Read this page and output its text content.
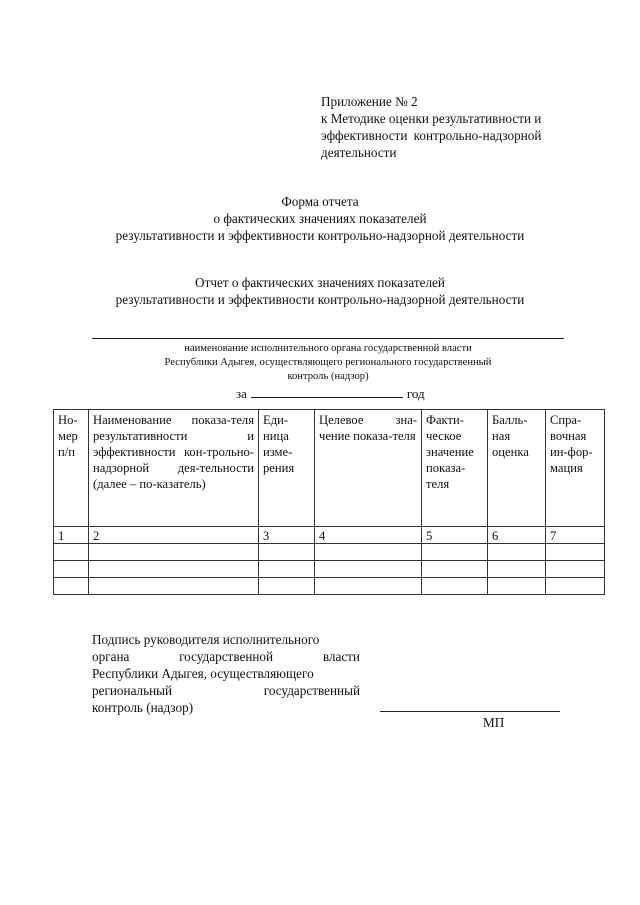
Приложение № 2
к Методике оценки результативности и
эффективности контрольно-надзорной
деятельности
Форма отчета
о фактических значениях показателей
результативности и эффективности контрольно-надзорной деятельности
Отчет о фактических значениях показателей
результативности и эффективности контрольно-надзорной деятельности
наименование исполнительного органа государственной власти
Республики Адыгея, осуществляющего регионального государственный
контроль (надзор)
за	год
Но-мер п/п	Наименование показа-теля результативности и эффективности кон-трольно-надзорной дея-тельности (далее – по-казатель)	Еди-ница изме-рения	Целевое зна-чение показа-теля	Факти-ческое значение показа-теля	Балль-ная оценка	Спра-вочная ин-фор-мация
1	2	3	4	5	6	7

Подпись руководителя исполнительного
органа государственной власти
Республики Адыгея, осуществляющего
региональный государственный
контроль (надзор)
МП
